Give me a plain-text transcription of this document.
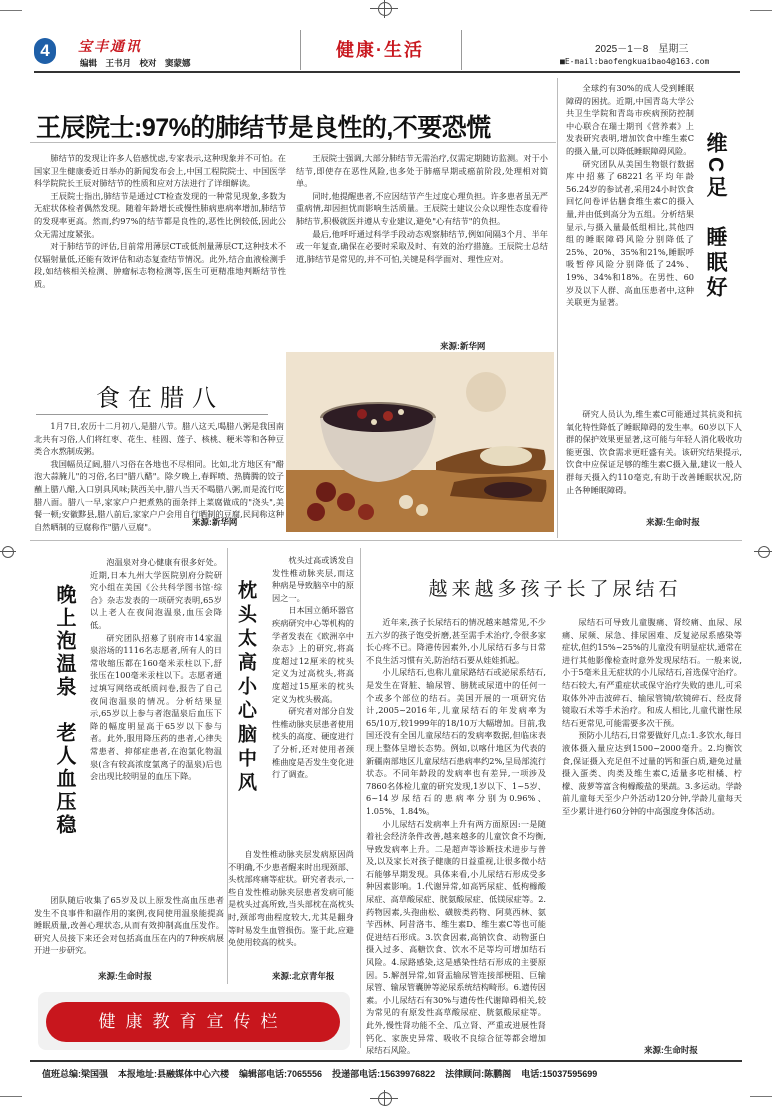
4	宝丰通讯
编辑　王书月　校对　窦蒙娜
健康·生活	2025－1－8　星期三
■E-mail:baofengkuaibao4@163.com
王辰院士:97%的肺结节是良性的,不要恐慌

肺结节的发现让许多人倍感忧虑,专家表示,这种现象并不可怕。在国家卫生健康委近日举办的新闻发布会上,中国工程院院士、中国医学科学院院长王辰对肺结节的性质和应对方法进行了详细解读。

王辰院士指出,肺结节是通过CT检查发现的一种常见现象,多数为无症状体检者偶然发现。随着年龄增长或慢性肺病患病率增加,肺结节的发现率更高。然而,约97%的结节都是良性的,恶性比例较低,因此公众无需过度紧张。

对于肺结节的评估,目前常用薄层CT或低剂量薄层CT,这种技术不仅辐射量低,还能有效评估和动态复查结节情况。此外,结合血液检测手段,如结核相关检测、肿瘤标志物检测等,医生可更精准地判断结节性质。

王辰院士强调,大部分肺结节无需治疗,仅需定期随访监测。对于小结节,即使存在恶性风险,也多处于肺癌早期或癌前阶段,处理相对简单。

同时,他提醒患者,不应因结节产生过度心理负担。许多患者虽无严重病情,却因担忧而影响生活质量。王辰院士建议公众以理性态度看待肺结节,积极就医并遵从专业建议,避免"心有结节"的负担。

最后,他呼吁通过科学手段动态观察肺结节,例如间隔3个月、半年或一年复查,确保在必要时采取及时、有效的治疗措施。王辰院士总结道,肺结节是常见的,并不可怕,关键是科学面对、理性应对。

来源:新华网

全球约有30%的成人受到睡眠障碍的困扰。近期,中国青岛大学公共卫生学院和青岛市疾病预防控制中心联合在瑞士期刊《营养素》上发表研究表明,增加饮食中维生素C的摄入量,可以降低睡眠障碍风险。

研究团队从美国生物银行数据库中招募了68221名平均年龄56.24岁的参试者,采用24小时饮食回忆问卷评估膳食维生素C的摄入量,并由低到高分为五组。分析结果显示,与摄入量最低组相比,其他四组的睡眠障碍风险分别降低了25%、20%、35%和21%,睡眠呼吸暂停风险分别降低了24%、19%、34%和18%。在男性、60岁及以下人群、高血压患者中,这种关联更为显著。

维C足　睡眠好

研究人员认为,维生素C可能通过其抗炎和抗氧化特性降低了睡眠障碍的发生率。60岁以下人群的保护效果更显著,这可能与年轻人消化吸收功能更强、饮食需求更旺盛有关。该研究结果提示,饮食中应保证足够的维生素C摄入量,建议一般人群每天摄入约110毫克,有助于改善睡眠状况,防止各种睡眠障碍。

来源:生命时报
食在腊八

1月7日,农历十二月初八,是腊八节。腊八这天,喝腊八粥是我国南北共有习俗,人们将红枣、花生、桂圆、莲子、核桃、粳米等和各种豆类合水熬制成粥。

我国幅员辽阔,腊八习俗在各地也不尽相同。比如,北方地区有"醋泡大蒜腌儿"的习俗,名曰"腊八醋"。除夕晚上,春晖喷、热腾腾的饺子蘸上腊八醋,入口别具风味;陕西关中,腊八当天不喝腊八粥,而是流行吃腊八面。腊八一早,家家户户把煮熟的面条拌上菜腐做成的"浇头",美餐一顿;安徽黟县,腊八前后,家家户户会用自行晒制的豆腐,民间称这种自然晒制的豆腐称作"腊八豆腐"。	来源:新华网
晚上泡温泉　老人血压稳

泡温泉对身心健康有很多好处。近期,日本九州大学医院别府分院研究小组在美国《公共科学图书馆·综合》杂志发表的一项研究表明,65岁以上老人在夜间泡温泉,血压会降低。

研究团队招募了别府市14家温泉浴场的1116名志愿者,所有人的日常收缩压都在160毫米汞柱以下,舒张压在100毫米汞柱以下。志愿者通过填写网络或纸质问卷,报告了自己夜间泡温泉的情况。分析结果显示,65岁以上参与者泡温泉后血压下降的幅度明显高于65岁以下参与者。此外,服用降压药的患者,心律失常患者、抑郁症患者,在泡氯化物温泉(含有较高浓度氯离子的温泉)后也会出现比较明显的血压下降。

团队随后收集了65岁及以上原发性高血压患者发生不良事件和副作用的案例,夜间使用温泉能提高睡眠质量,改善心理状态,从而有效抑制高血压发作。研究人员接下来还会对包括高血压在内的7种疾病展开进一步研究。

来源:生命时报
枕头太高小心脑中风

枕头过高或诱发自发性椎动脉夹层,而这种病是导致脑卒中的原因之一。

日本国立循环器官疾病研究中心等机构的学者发表在《欧洲卒中杂志》上的研究,将高度超过12厘米的枕头定义为过高枕头,将高度超过15厘米的枕头定义为枕头极高。

研究者对部分自发性椎动脉夹层患者使用枕头的高度、硬度进行了分析,还对使用者颈椎曲度是否发生变化进行了调查。

自发性椎动脉夹层发病原因尚不明确,不少患者醒来时出现颈部、头枕部疼痛等症状。研究者表示,一些自发性椎动脉夹层患者发病可能是枕头过高所致,当头部枕在高枕头时,颈部弯曲程度较大,尤其是翻身等时易发生血管损伤。鉴于此,应避免使用较高的枕头。

来源:北京青年报
越来越多孩子长了尿结石

近年来,孩子长尿结石的情况越来越常见,不少五六岁的孩子饱受折磨,甚至需手术治疗,令很多家长心疼不已。降港传因素外,小儿尿结石多与日常不良生活习惯有关,防治结石要从娃娃抓起。

小儿尿结石,也称儿童尿路结石或泌尿系结石,是发生在肾脏、输尿管、膀胱或尿道中的任何一个或多个部位的结石。美国开展的一项研究估计,2005~2016年,儿童尿结石的年发病率为65/10万,较1999年的18/10万大幅增加。目前,我国还没有全国儿童尿结石的发病率数据,但临床表现上整体呈增长态势。例如,以喀什地区为代表的新疆南部地区儿童尿结石患病率约2%,呈局部流行状态。不同年龄段的发病率也有差异,一项涉及7860名体检儿童的研究发现,1岁以下、1~5岁、6~14岁尿结石的患病率分别为0.96%、1.05%、1.84%。

小儿尿结石发病率上升有两方面原因:一是随着社会经济条件改善,越来越多的儿童饮食不均衡,导致发病率上升。二是超声等诊断技术进步与普及,以及家长对孩子健康的日益重视,让很多微小结石能够早期发现。具体来看,小儿尿结石形成受多种因素影响。1.代谢异常,如高钙尿症、低枸橼酸尿症、高草酸尿症、胱氨酸尿症、低镁尿症等。2.药物因素,头孢曲松、磺胺类药物、阿莫西林、氨苄西林、阿昔洛韦、维生素D、维生素C等也可能促进结石形成。3.饮食因素,高钠饮食、动物蛋白摄入过多、高糖饮食、饮水不足等均可增加结石风险。4.尿路感染,这是感染性结石形成的主要原因。5.解剖异常,如肾盂输尿管连接部梗阻、巨输尿管、输尿管囊肿等泌尿系统结构畸形。6.遗传因素。小儿尿结石有30%与遗传性代谢障碍相关,较为常见的有原发性高草酸尿症、胱氨酸尿症等。此外,慢性肾功能不全、瓜立肾、严重或进展性肾钙化、家族史异常、吸收不良综合征等都会增加尿结石风险。

尿结石可导致儿童腹痛、肾绞痛、血尿、尿痛、尿频、尿急、排尿困难、反复泌尿系感染等症状,但约15%~25%的儿童没有明显症状,通常在进行其他影像检查时意外发现尿结石。一般来说,小于5毫米且无症状的小儿尿结石,首选保守治疗。结石较大,有严重症状或保守治疗失败的患儿,可采取体外冲击波碎石、输尿管镜/软镜碎石、经皮肾镜取石术等手术治疗。和成人相比,儿童代谢性尿结石更常见,可能需要多次干预。

预防小儿结石,日常要做好几点:1.多饮水,每日液体摄入量应达到1500~2000毫升。2.均衡饮食,保证摄入充足但不过量的钙和蛋白质,避免过量摄入蛋类、肉类及维生素C,适量多吃柑橘、柠檬、菠萝等富含枸橼酸盐的果蔬。3.多运动。学龄前儿童每天至少户外活动120分钟,学龄儿童每天至少累计进行60分钟的中高强度身体活动。

来源:生命时报
健康教育宣传栏
值班总编:梁国强 本报地址:县融媒体中心六楼 编辑部电话:7065556 投递部电话:15639976822 法律顾问:陈鹏阁 电话:15037595699
